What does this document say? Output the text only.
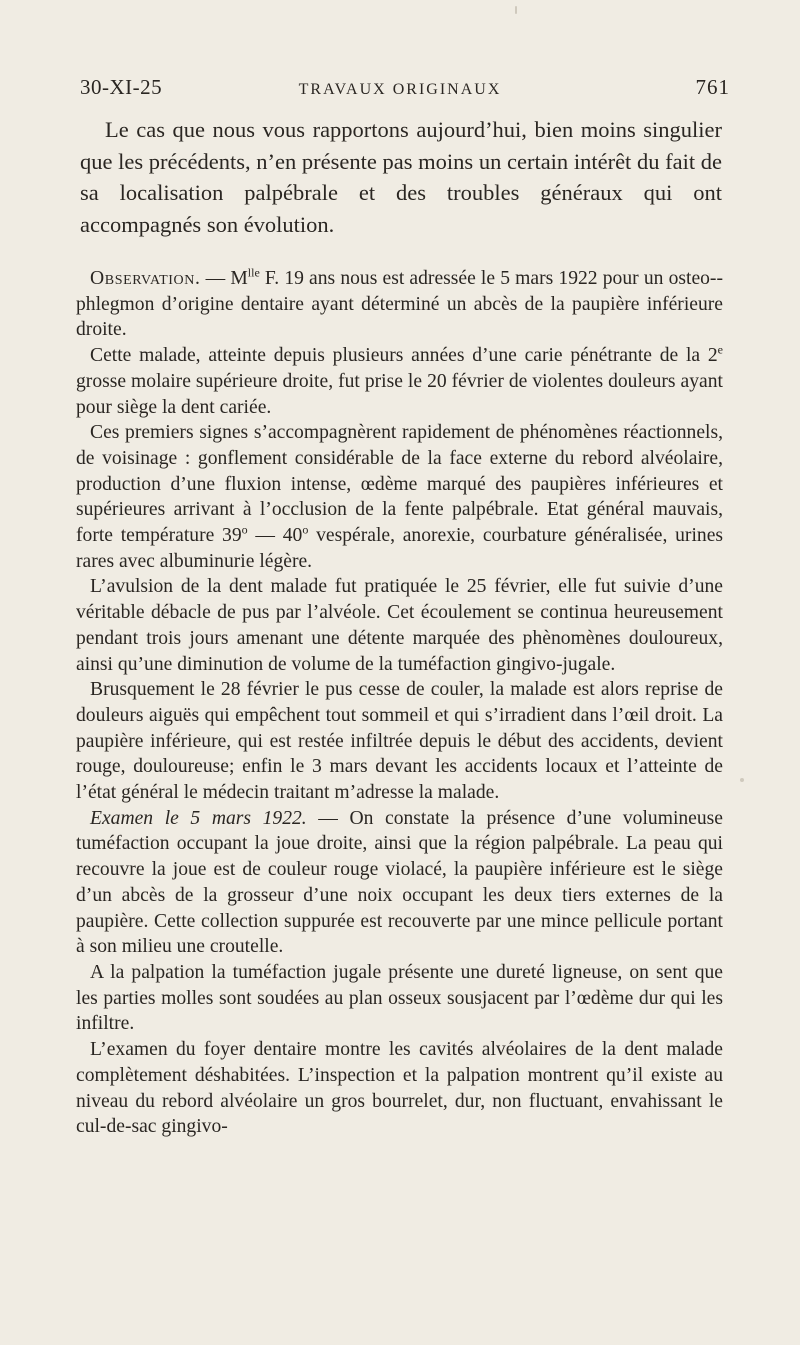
30-XI-25	TRAVAUX ORIGINAUX	761

Le cas que nous vous rapportons aujourd’hui, bien moins singulier que les précédents, n’en présente pas moins un certain intérêt du fait de sa localisation palpébrale et des troubles généraux qui ont accompagnés son évolution.

Observation. — $M^{lle}$ F. 19 ans nous est adressée le 5 mars 1922 pour un osteo--phlegmon d’origine dentaire ayant déterminé un abcès de la paupière inférieure droite.

Cette malade, atteinte depuis plusieurs années d’une carie pénétrante de la 2e grosse molaire supérieure droite, fut prise le 20 février de violentes douleurs ayant pour siège la dent cariée.

Ces premiers signes s’accompagnèrent rapidement de phénomènes réactionnels, de voisinage : gonflement considérable de la face externe du rebord alvéolaire, production d’une fluxion intense, œdème marqué des paupières inférieures et supérieures arrivant à l’occlusion de la fente palpébrale. Etat général mauvais, forte température 39$^o$ — 40$^o$ vespérale, anorexie, courbature généralisée, urines rares avec albuminurie légère.

L’avulsion de la dent malade fut pratiquée le 25 février, elle fut suivie d’une véritable débacle de pus par l’alvéole. Cet écoulement se continua heureusement pendant trois jours amenant une détente marquée des phènomènes douloureux, ainsi qu’une diminution de volume de la tuméfaction gingivo-jugale.

Brusquement le 28 février le pus cesse de couler, la malade est alors reprise de douleurs aiguës qui empêchent tout sommeil et qui s’irradient dans l’œil droit. La paupière inférieure, qui est restée infiltrée depuis le début des accidents, devient rouge, douloureuse; enfin le 3 mars devant les accidents locaux et l’atteinte de l’état général le médecin traitant m’adresse la malade.

Examen le 5 mars 1922. — On constate la présence d’une volumineuse tuméfaction occupant la joue droite, ainsi que la région palpébrale. La peau qui recouvre la joue est de couleur rouge violacé, la paupière inférieure est le siège d’un abcès de la grosseur d’une noix occupant les deux tiers externes de la paupière. Cette collection suppurée est recouverte par une mince pellicule portant à son milieu une croutelle.

A la palpation la tuméfaction jugale présente une dureté ligneuse, on sent que les parties molles sont soudées au plan osseux sousjacent par l’œdème dur qui les infiltre.

L’examen du foyer dentaire montre les cavités alvéolaires de la dent malade complètement déshabitées. L’inspection et la palpation montrent qu’il existe au niveau du rebord alvéolaire un gros bourrelet, dur, non fluctuant, envahissant le cul-de-sac gingivo-
